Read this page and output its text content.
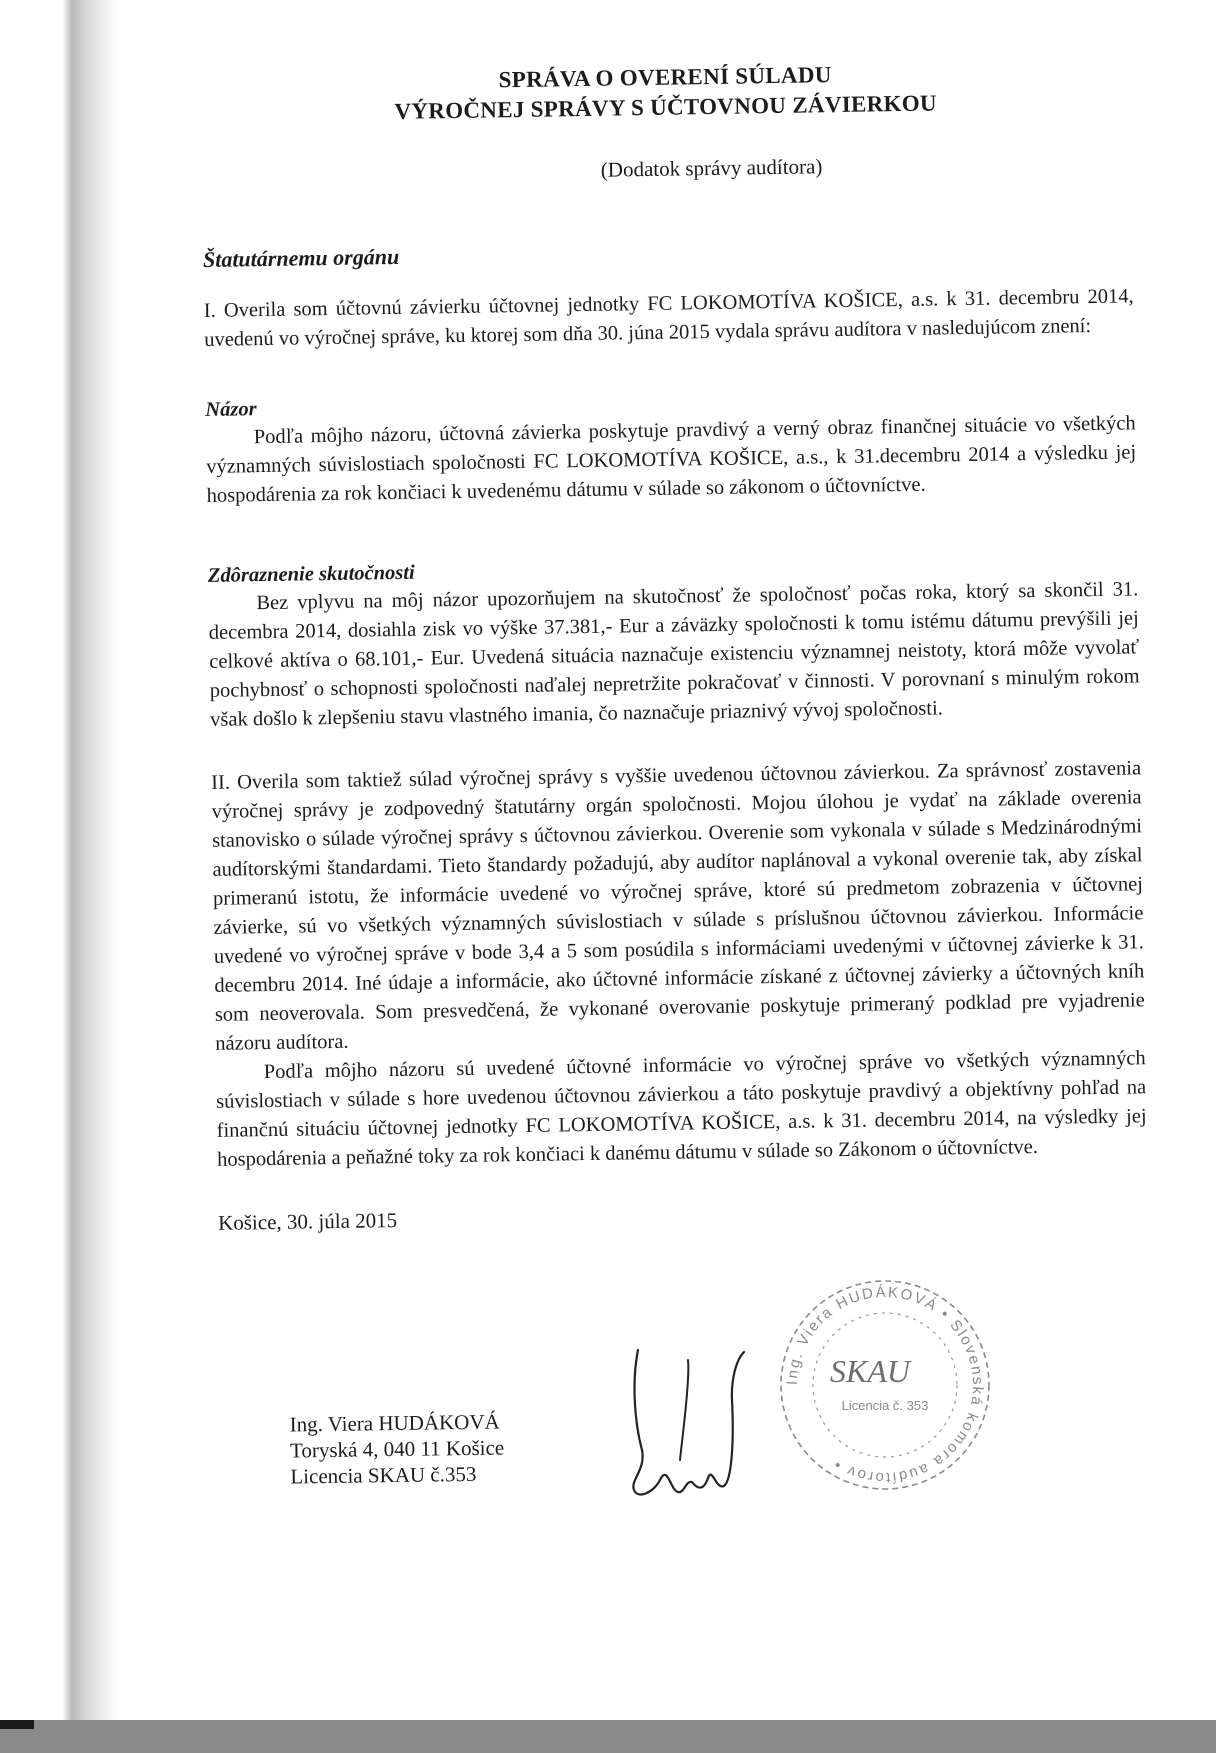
SPRÁVA O OVERENÍ SÚLADU
VÝROČNEJ SPRÁVY S ÚČTOVNOU ZÁVIERKOU
(Dodatok správy audítora)
Štatutárnemu orgánu

I. Overila som účtovnú závierku účtovnej jednotky FC LOKOMOTÍVA KOŠICE, a.s. k 31. decembru 2014, uvedenú vo výročnej správe, ku ktorej som dňa 30. júna 2015 vydala správu audítora v nasledujúcom znení:

Názor

Podľa môjho názoru, účtovná závierka poskytuje pravdivý a verný obraz finančnej situácie vo všetkých významných súvislostiach spoločnosti FC LOKOMOTÍVA KOŠICE, a.s., k 31.decembru 2014 a výsledku jej hospodárenia za rok končiaci k uvedenému dátumu v súlade so zákonom o účtovníctve.

Zdôraznenie skutočnosti

Bez vplyvu na môj názor upozorňujem na skutočnosť že spoločnosť počas roka, ktorý sa skončil 31. decembra 2014, dosiahla zisk vo výške 37.381,- Eur a záväzky spoločnosti k tomu istému dátumu prevýšili jej celkové aktíva o 68.101,- Eur. Uvedená situácia naznačuje existenciu významnej neistoty, ktorá môže vyvolať pochybnosť o schopnosti spoločnosti naďalej nepretržite pokračovať v činnosti. V porovnaní s minulým rokom však došlo k zlepšeniu stavu vlastného imania, čo naznačuje priaznivý vývoj spoločnosti.

II. Overila som taktiež súlad výročnej správy s vyššie uvedenou účtovnou závierkou. Za správnosť zostavenia výročnej správy je zodpovedný štatutárny orgán spoločnosti. Mojou úlohou je vydať na základe overenia stanovisko o súlade výročnej správy s účtovnou závierkou. Overenie som vykonala v súlade s Medzinárodnými audítorskými štandardami. Tieto štandardy požadujú, aby audítor naplánoval a vykonal overenie tak, aby získal primeranú istotu, že informácie uvedené vo výročnej správe, ktoré sú predmetom zobrazenia v účtovnej závierke, sú vo všetkých významných súvislostiach v súlade s príslušnou účtovnou závierkou. Informácie uvedené vo výročnej správe v bode 3,4 a 5 som posúdila s informáciami uvedenými v účtovnej závierke k 31. decembru 2014. Iné údaje a informácie, ako účtovné informácie získané z účtovnej závierky a účtovných kníh som neoverovala. Som presvedčená, že vykonané overovanie poskytuje primeraný podklad pre vyjadrenie názoru audítora.

Podľa môjho názoru sú uvedené účtovné informácie vo výročnej správe vo všetkých významných súvislostiach v súlade s hore uvedenou účtovnou závierkou a táto poskytuje pravdivý a objektívny pohľad na finančnú situáciu účtovnej jednotky FC LOKOMOTÍVA KOŠICE, a.s. k 31. decembru 2014, na výsledky jej hospodárenia a peňažné toky za rok končiaci k danému dátumu v súlade so Zákonom o účtovníctve.

Košice, 30. júla 2015
Ing. Viera HUDÁKOVÁ
Toryská 4, 040 11 Košice
Licencia SKAU č.353
Ing. Viera HUDÁKOVÁ • Slovenská komora audítorov •
SKAU
Licencia č. 353
